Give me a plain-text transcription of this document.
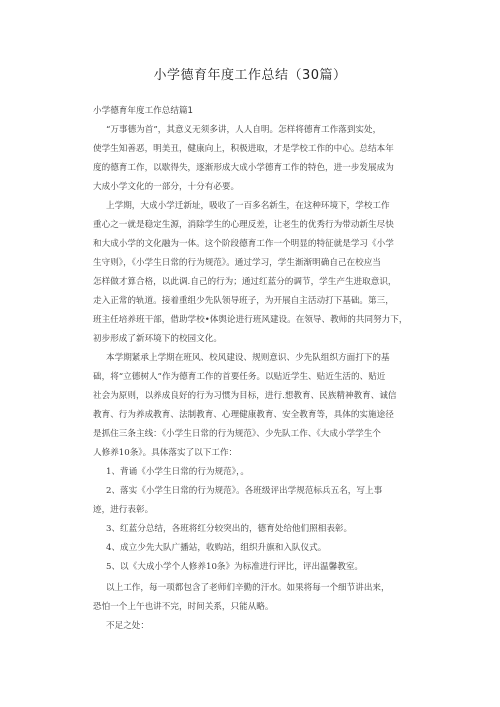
小学德育年度工作总结（30篇）
小学德育年度工作总结篇1
“万事德为首”，其意义无须多讲，人人自明。怎样将德育工作落到实处，
使学生知善恶，明美丑，健康向上，积极进取，才是学校工作的中心。总结本年
度的德育工作，以歇得失，逐渐形成大成小学德育工作的特色，进一步发展成为
大成小学文化的一部分，十分有必要。
上学期，大成小学迁新址，吸收了一百多名新生，在这种环境下，学校工作
重心之一就是稳定生源，消除学生的心理反差，让老生的优秀行为带动新生尽快
和大成小学的文化融为一体。这个阶段德育工作一个明显的特征就是学习《小学
生守则》，《小学生日常的行为规范》。通过学习，学生渐渐明确自己在校应当
怎样做才算合格，以此调.自己的行为；通过红蓝分的调节，学生产生进取意识，
走入正常的轨道。接着重组少先队领导班子，为开展自主活动打下基础。第三，
班主任培养班干部，借助学校•体舆论进行班风建设。在领导、教师的共同努力下，
初步形成了新环境下的校园文化。
本学期紧承上学期在班风、校风建设、规则意识、少先队组织方面打下的基
础，将“立德树人”作为德育工作的首要任务。以贴近学生、贴近生活的、贴近
社会为原则，以养成良好的行为习惯为目标，进行.想教育、民族精神教育、诚信
教育、行为养成教育、法制教育、心理健康教育、安全教育等，具体的实施途径
是抓住三条主线：《小学生日常的行为规范》、少先队工作、《大成小学学生个
人修养10条》。具体落实了以下工作：
1、背诵《小学生日常的行为规范》，。
2、落实《小学生日常的行为规范》。各班级评出学规范标兵五名，写上事
迹，进行表彰。
3、红蓝分总结，各班将红分较突出的，德育处给他们照相表彰。
4、成立少先大队广播站，收购站，组织升旗和入队仪式。
5、以《大成小学个人修养10条》为标准进行评比，评出温馨教室。
以上工作，每一项都包含了老师们辛勤的汗水。如果将每一个细节讲出来，
恐怕一个上午也讲不完，时间关系，只能从略。
不足之处：
